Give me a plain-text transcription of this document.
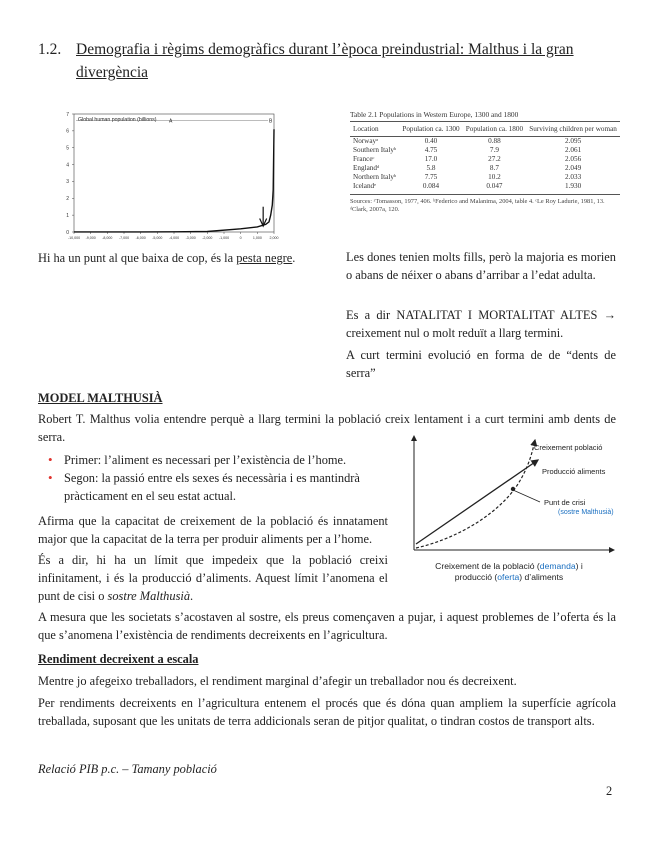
1.2. Demografia i règims demogràfics durant l’època preindustrial: Malthus i la gran divergència
Global human population (billions)
0
1
2
3
4
5
6
7
-10,000 -9,000 -8,000 -7,000 -6,000 -5,000 -4,000 -3,000 -2,000 -1,000	0	1,000 2,000
A	B
Hi ha un punt al que baixa de cop, és la pesta negre.
Table 2.1 Populations in Western Europe, 1300 and 1800
Location	Population ca. 1300	Population ca. 1800	Surviving children per woman
Norwayᵃ	0.40	0.88	2.095
Southern Italyᵇ	4.75	7.9	2.061
Franceᶜ	17.0	27.2	2.056
Englandᵈ	5.8	8.7	2.049
Northern Italyᵇ	7.75	10.2	2.033
Icelandᵉ	0.084	0.047	1.930
Sources: ᵃTomasson, 1977, 406. ᵇFederico and Malanima, 2004, table 4. ᶜLe Roy Ladurie, 1981, 13. ᵈClark, 2007a, 120.
Les dones tenien molts fills, però la majoria es morien o abans de néixer o abans d’arribar a l’edat adulta.
Es a dir NATALITAT I MORTALITAT ALTES → creixement nul o molt reduït a llarg termini.
A curt termini evolució en forma de de “dents de serra”
MODEL MALTHUSIÀ
Robert T. Malthus volia entendre perquè a llarg termini la població creix lentament i a curt termini amb dents de serra.
• Primer: l’aliment es necessari per l’existència de l’home.
• Segon: la passió entre els sexes és necessària i es mantindrà pràcticament en el seu estat actual.
Afirma que la capacitat de creixement de la població és innatament major que la capacitat de la terra per produir aliments per a l’home.
És a dir, hi ha un límit que impedeix que la població creixi infinitament, i és la producció d’aliments. Aquest límit l’anomena el punt de cisi o sostre Malthusià.
Creixement població
Producció aliments
Punt de crisi
(sostre Malthusià)
Creixement de la població (demanda) i
producció (oferta) d’aliments
A mesura que les societats s’acostaven al sostre, els preus començaven a pujar, i aquest problemes de l’oferta és la que s’anomena l’existència de rendiments decreixents en l’agricultura.
Rendiment decreixent a escala
Mentre jo afegeixo treballadors, el rendiment marginal d’afegir un treballador nou és decreixent.
Per rendiments decreixents en l’agricultura entenem el procés que és dóna quan ampliem la superfície agrícola treballada, suposant que les unitats de terra addicionals seran de pitjor qualitat, o tindran costos de transport alts.
Relació PIB p.c. – Tamany població
2
